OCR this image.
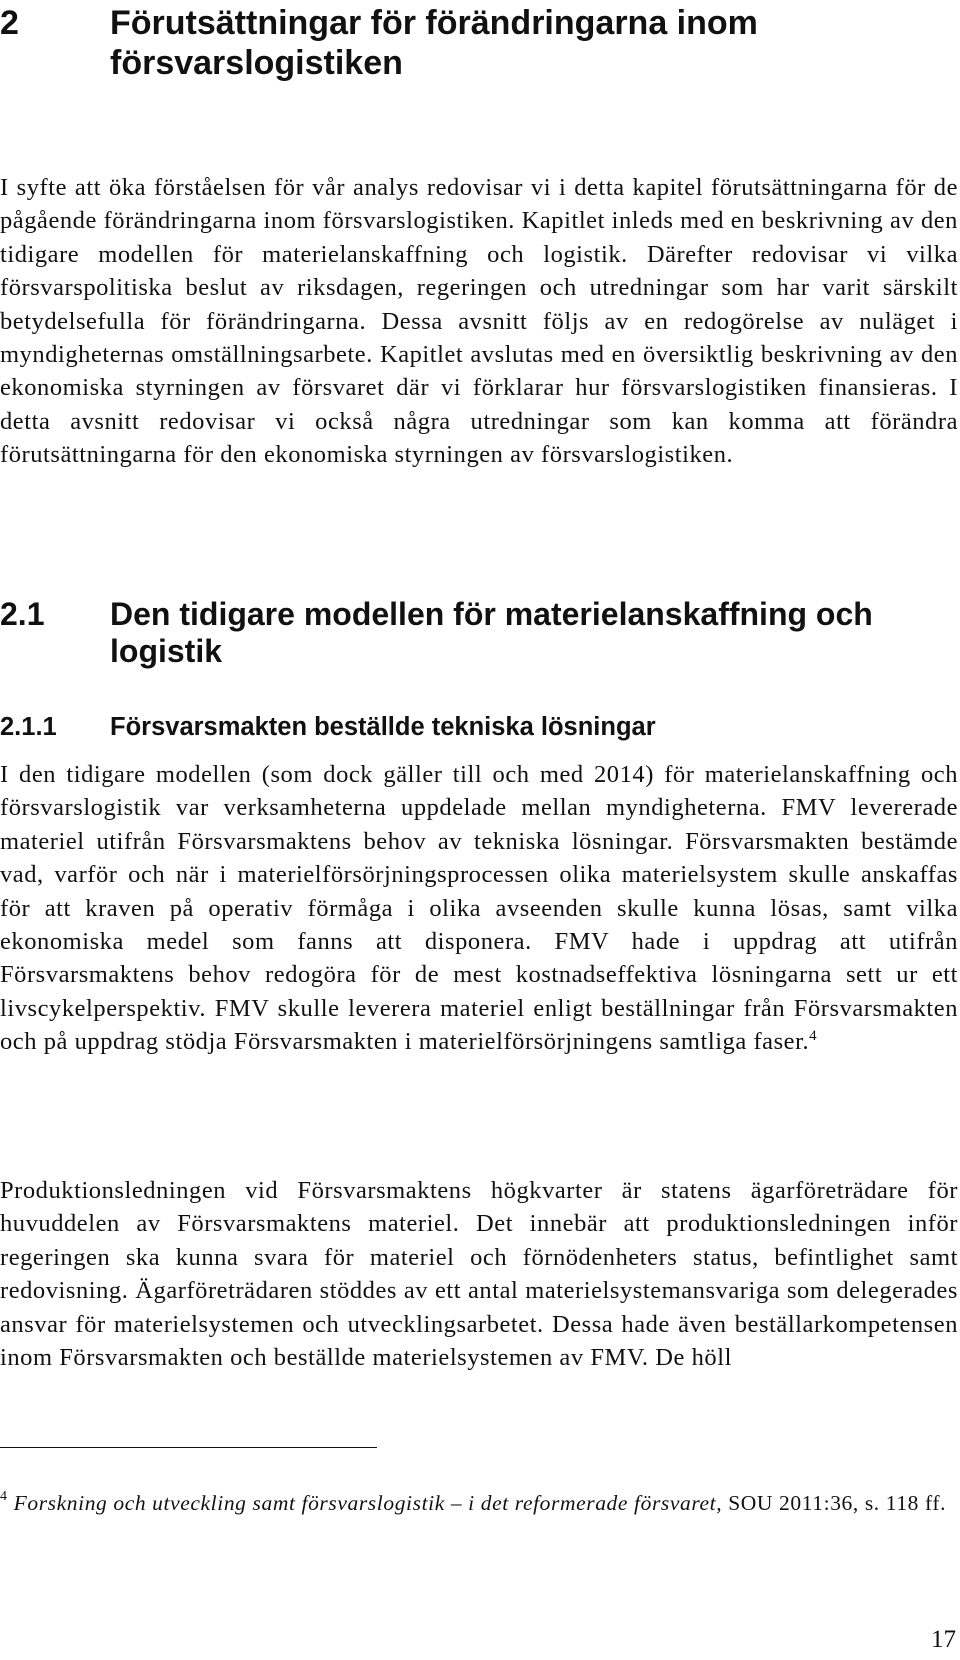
2	Förutsättningar för förändringarna inom försvarslogistiken

I syfte att öka förståelsen för vår analys redovisar vi i detta kapitel förutsättningarna för de pågående förändringarna inom försvarslogistiken. Kapitlet inleds med en beskrivning av den tidigare modellen för materielanskaffning och logistik. Därefter redovisar vi vilka försvarspolitiska beslut av riksdagen, regeringen och utredningar som har varit särskilt betydelsefulla för förändringarna. Dessa avsnitt följs av en redogörelse av nuläget i myndigheternas omställningsarbete. Kapitlet avslutas med en översiktlig beskrivning av den ekonomiska styrningen av försvaret där vi förklarar hur försvarslogistiken finansieras. I detta avsnitt redovisar vi också några utredningar som kan komma att förändra förutsättningarna för den ekonomiska styrningen av försvarslogistiken.

2.1 Den tidigare modellen för materielanskaffning och logistik
2.1.1 Försvarsmakten beställde tekniska lösningar

I den tidigare modellen (som dock gäller till och med 2014) för materielanskaffning och försvarslogistik var verksamheterna uppdelade mellan myndigheterna. FMV levererade materiel utifrån Försvarsmaktens behov av tekniska lösningar. Försvarsmakten bestämde vad, varför och när i materielförsörjningsprocessen olika materielsystem skulle anskaffas för att kraven på operativ förmåga i olika avseenden skulle kunna lösas, samt vilka ekonomiska medel som fanns att disponera. FMV hade i uppdrag att utifrån Försvarsmaktens behov redogöra för de mest kostnadseffektiva lösningarna sett ur ett livscykelperspektiv. FMV skulle leverera materiel enligt beställningar från Försvarsmakten och på uppdrag stödja Försvarsmakten i materielförsörjningens samtliga faser.$^4$

Produktionsledningen vid Försvarsmaktens högkvarter är statens ägarföreträdare för huvuddelen av Försvarsmaktens materiel. Det innebär att produktionsledningen inför regeringen ska kunna svara för materiel och förnödenheters status, befintlighet samt redovisning. Ägarföreträdaren stöddes av ett antal materielsystemansvariga som delegerades ansvar för materielsystemen och utvecklingsarbetet. Dessa hade även beställarkompetensen inom Försvarsmakten och beställde materielsystemen av FMV. De höll

$^4$ Forskning och utveckling samt försvarslogistik – i det reformerade försvaret, SOU 2011:36, s. 118 ff.

17
